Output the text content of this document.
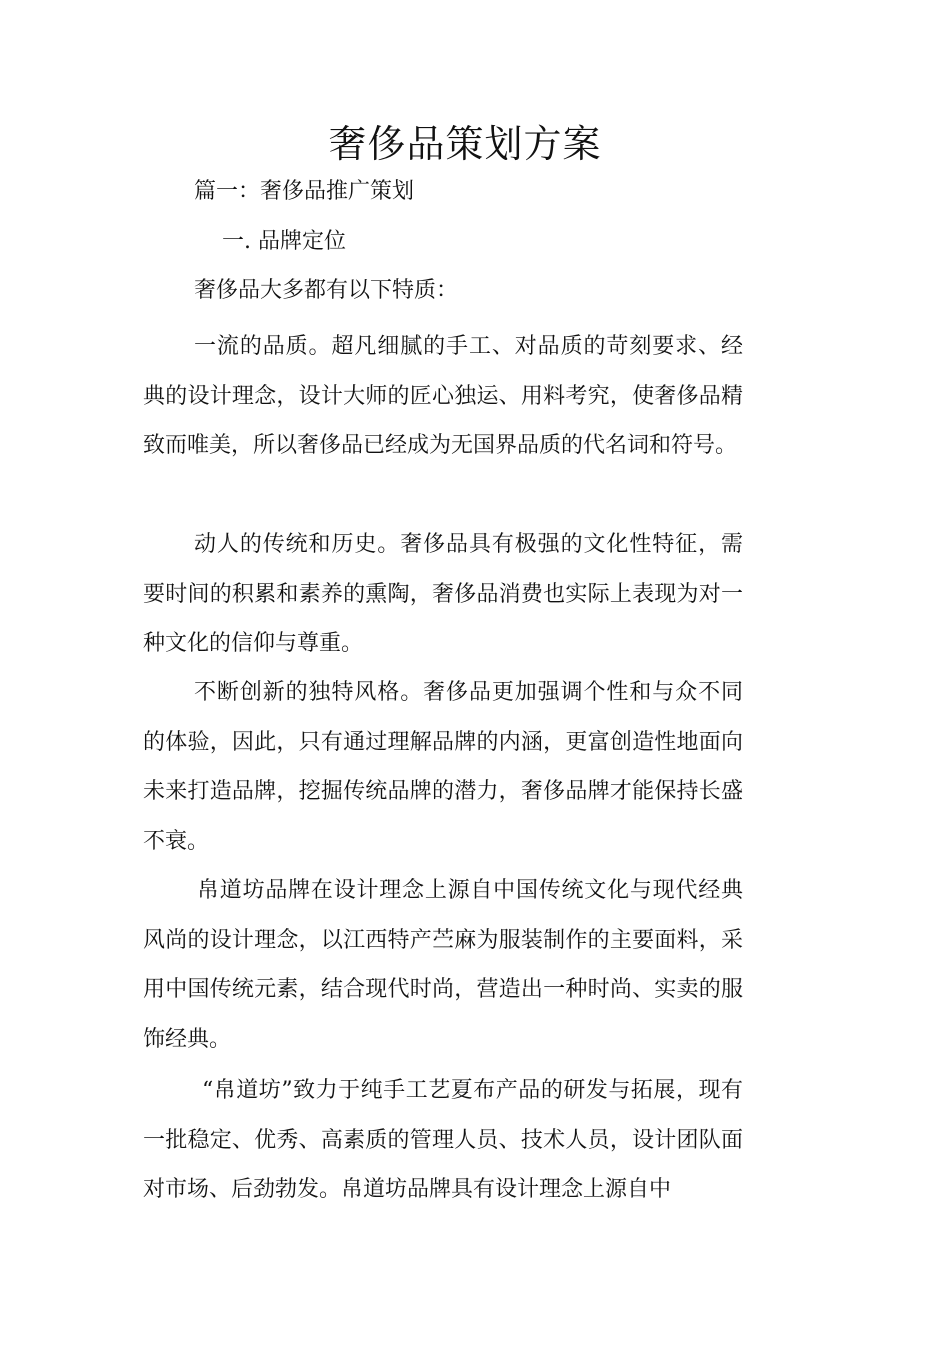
奢侈品策划方案
篇一：奢侈品推广策划
一. 品牌定位
奢侈品大多都有以下特质：

一流的品质。超凡细腻的手工、对品质的苛刻要求、经典的设计理念，设计大师的匠心独运、用料考究，使奢侈品精致而唯美，所以奢侈品已经成为无国界品质的代名词和符号。

动人的传统和历史。奢侈品具有极强的文化性特征，需要时间的积累和素养的熏陶，奢侈品消费也实际上表现为对一种文化的信仰与尊重。

不断创新的独特风格。奢侈品更加强调个性和与众不同的体验，因此，只有通过理解品牌的内涵，更富创造性地面向未来打造品牌，挖掘传统品牌的潜力，奢侈品牌才能保持长盛不衰。

帛道坊品牌在设计理念上源自中国传统文化与现代经典风尚的设计理念，以江西特产苎麻为服装制作的主要面料，采用中国传统元素，结合现代时尚，营造出一种时尚、实卖的服饰经典。

“帛道坊”致力于纯手工艺夏布产品的研发与拓展，现有一批稳定、优秀、高素质的管理人员、技术人员，设计团队面对市场、后劲勃发。帛道坊品牌具有设计理念上源自中
